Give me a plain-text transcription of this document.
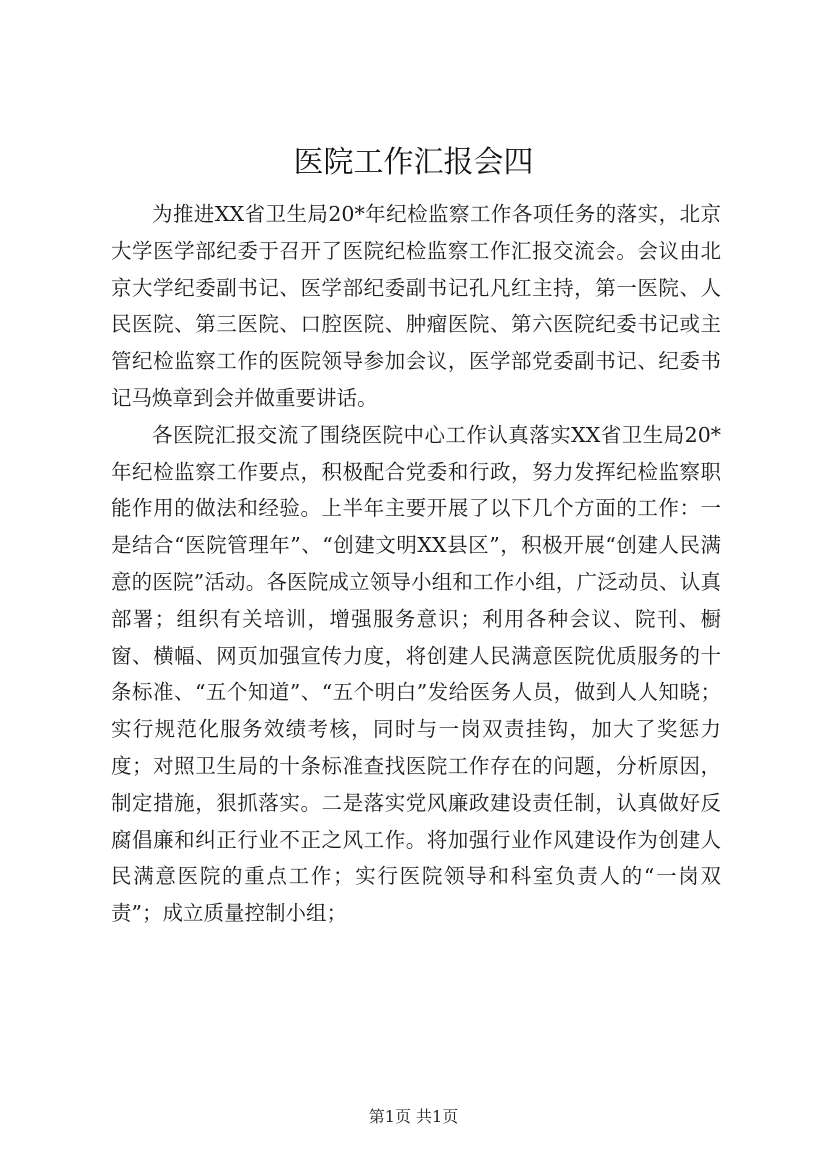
医院工作汇报会四

为推进XX省卫生局20*年纪检监察工作各项任务的落实，北京大学医学部纪委于召开了医院纪检监察工作汇报交流会。会议由北京大学纪委副书记、医学部纪委副书记孔凡红主持，第一医院、人民医院、第三医院、口腔医院、肿瘤医院、第六医院纪委书记或主管纪检监察工作的医院领导参加会议，医学部党委副书记、纪委书记马焕章到会并做重要讲话。

各医院汇报交流了围绕医院中心工作认真落实XX省卫生局20*年纪检监察工作要点，积极配合党委和行政，努力发挥纪检监察职能作用的做法和经验。上半年主要开展了以下几个方面的工作：一是结合“医院管理年”、“创建文明XX县区”，积极开展“创建人民满意的医院”活动。各医院成立领导小组和工作小组，广泛动员、认真部署；组织有关培训，增强服务意识；利用各种会议、院刊、橱窗、横幅、网页加强宣传力度，将创建人民满意医院优质服务的十条标准、“五个知道”、“五个明白”发给医务人员，做到人人知晓；实行规范化服务效绩考核，同时与一岗双责挂钩，加大了奖惩力度；对照卫生局的十条标准查找医院工作存在的问题，分析原因，制定措施，狠抓落实。二是落实党风廉政建设责任制，认真做好反腐倡廉和纠正行业不正之风工作。将加强行业作风建设作为创建人民满意医院的重点工作；实行医院领导和科室负责人的“一岗双责”；成立质量控制小组；

第1页 共1页
